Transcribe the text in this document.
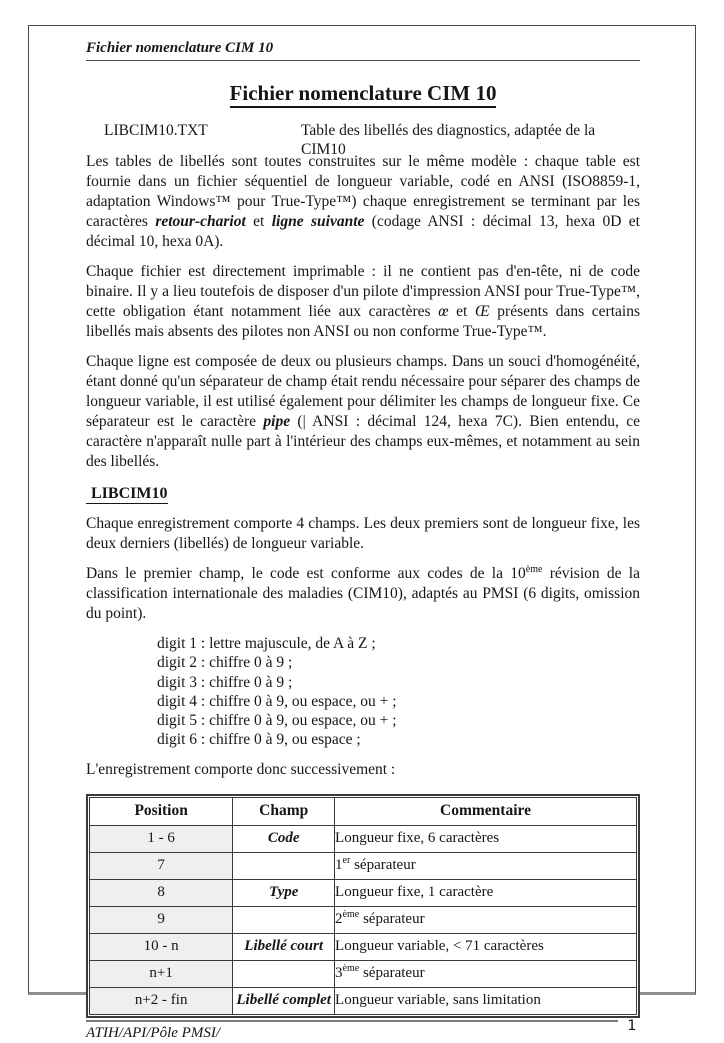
Fichier nomenclature CIM 10
Fichier nomenclature CIM 10
LIBCIM10.TXT	Table des libellés des diagnostics, adaptée de la CIM10

Les tables de libellés sont toutes construites sur le même modèle : chaque table est fournie dans un fichier séquentiel de longueur variable, codé en ANSI (ISO8859-1, adaptation Windows™ pour True-Type™) chaque enregistrement se terminant par les caractères retour-chariot et ligne suivante (codage ANSI : décimal 13, hexa 0D et décimal 10, hexa 0A).

Chaque fichier est directement imprimable : il ne contient pas d'en-tête, ni de code binaire. Il y a lieu toutefois de disposer d'un pilote d'impression ANSI pour True-Type™, cette obligation étant notamment liée aux caractères œ et Œ présents dans certains libellés mais absents des pilotes non ANSI ou non conforme True-Type™.

Chaque ligne est composée de deux ou plusieurs champs. Dans un souci d'homogénéité, étant donné qu'un séparateur de champ était rendu nécessaire pour séparer des champs de longueur variable, il est utilisé également pour délimiter les champs de longueur fixe. Ce séparateur est le caractère pipe (| ANSI : décimal 124, hexa 7C). Bien entendu, ce caractère n'apparaît nulle part à l'intérieur des champs eux-mêmes, et notamment au sein des libellés.

LIBCIM10

Chaque enregistrement comporte 4 champs. Les deux premiers sont de longueur fixe, les deux derniers (libellés) de longueur variable.

Dans le premier champ, le code est conforme aux codes de la 10ème révision de la classification internationale des maladies (CIM10), adaptés au PMSI (6 digits, omission du point).

digit 1 : lettre majuscule, de A à Z ;
digit 2 : chiffre 0 à 9 ;
digit 3 : chiffre 0 à 9 ;
digit 4 : chiffre 0 à 9, ou espace, ou + ;
digit 5 : chiffre 0 à 9, ou espace, ou + ;
digit 6 : chiffre 0 à 9, ou espace ;

L'enregistrement comporte donc successivement :

Position	Champ	Commentaire
1 - 6	Code	Longueur fixe, 6 caractères
7		1er séparateur
8	Type	Longueur fixe, 1 caractère
9		2ème séparateur
10 - n	Libellé court	Longueur variable, < 71 caractères
n+1		3ème séparateur
n+2 - fin	Libellé complet	Longueur variable, sans limitation
ATIH/API/Pôle PMSI/	1
